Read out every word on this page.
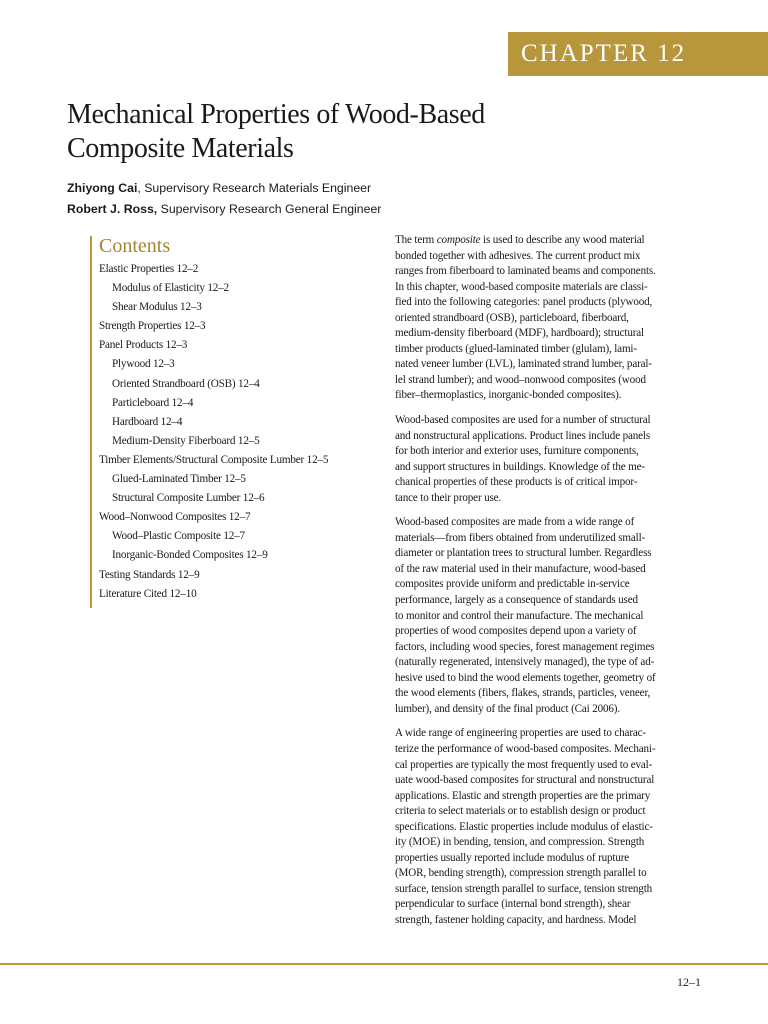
CHAPTER 12
Mechanical Properties of Wood-Based
Composite Materials
Zhiyong Cai, Supervisory Research Materials Engineer
Robert J. Ross, Supervisory Research General Engineer
Contents
Elastic Properties 12–2
Modulus of Elasticity 12–2
Shear Modulus 12–3
Strength Properties 12–3
Panel Products 12–3
Plywood 12–3
Oriented Strandboard (OSB) 12–4
Particleboard 12–4
Hardboard 12–4
Medium-Density Fiberboard 12–5
Timber Elements/Structural Composite Lumber 12–5
Glued-Laminated Timber 12–5
Structural Composite Lumber 12–6
Wood–Nonwood Composites 12–7
Wood–Plastic Composite 12–7
Inorganic-Bonded Composites 12–9
Testing Standards 12–9
Literature Cited 12–10
The term composite is used to describe any wood material
bonded together with adhesives. The current product mix
ranges from fiberboard to laminated beams and components.
In this chapter, wood-based composite materials are classi-
fied into the following categories: panel products (plywood,
oriented strandboard (OSB), particleboard, fiberboard,
medium-density fiberboard (MDF), hardboard); structural
timber products (glued-laminated timber (glulam), lami-
nated veneer lumber (LVL), laminated strand lumber, paral-
lel strand lumber); and wood–nonwood composites (wood
fiber–thermoplastics, inorganic-bonded composites).
Wood-based composites are used for a number of structural
and nonstructural applications. Product lines include panels
for both interior and exterior uses, furniture components,
and support structures in buildings. Knowledge of the me-
chanical properties of these products is of critical impor-
tance to their proper use.
Wood-based composites are made from a wide range of
materials—from fibers obtained from underutilized small-
diameter or plantation trees to structural lumber. Regardless
of the raw material used in their manufacture, wood-based
composites provide uniform and predictable in-service
performance, largely as a consequence of standards used
to monitor and control their manufacture. The mechanical
properties of wood composites depend upon a variety of
factors, including wood species, forest management regimes
(naturally regenerated, intensively managed), the type of ad-
hesive used to bind the wood elements together, geometry of
the wood elements (fibers, flakes, strands, particles, veneer,
lumber), and density of the final product (Cai 2006).
A wide range of engineering properties are used to charac-
terize the performance of wood-based composites. Mechani-
cal properties are typically the most frequently used to eval-
uate wood-based composites for structural and nonstructural
applications. Elastic and strength properties are the primary
criteria to select materials or to establish design or product
specifications. Elastic properties include modulus of elastic-
ity (MOE) in bending, tension, and compression. Strength
properties usually reported include modulus of rupture
(MOR, bending strength), compression strength parallel to
surface, tension strength parallel to surface, tension strength
perpendicular to surface (internal bond strength), shear
strength, fastener holding capacity, and hardness. Model
12–1
